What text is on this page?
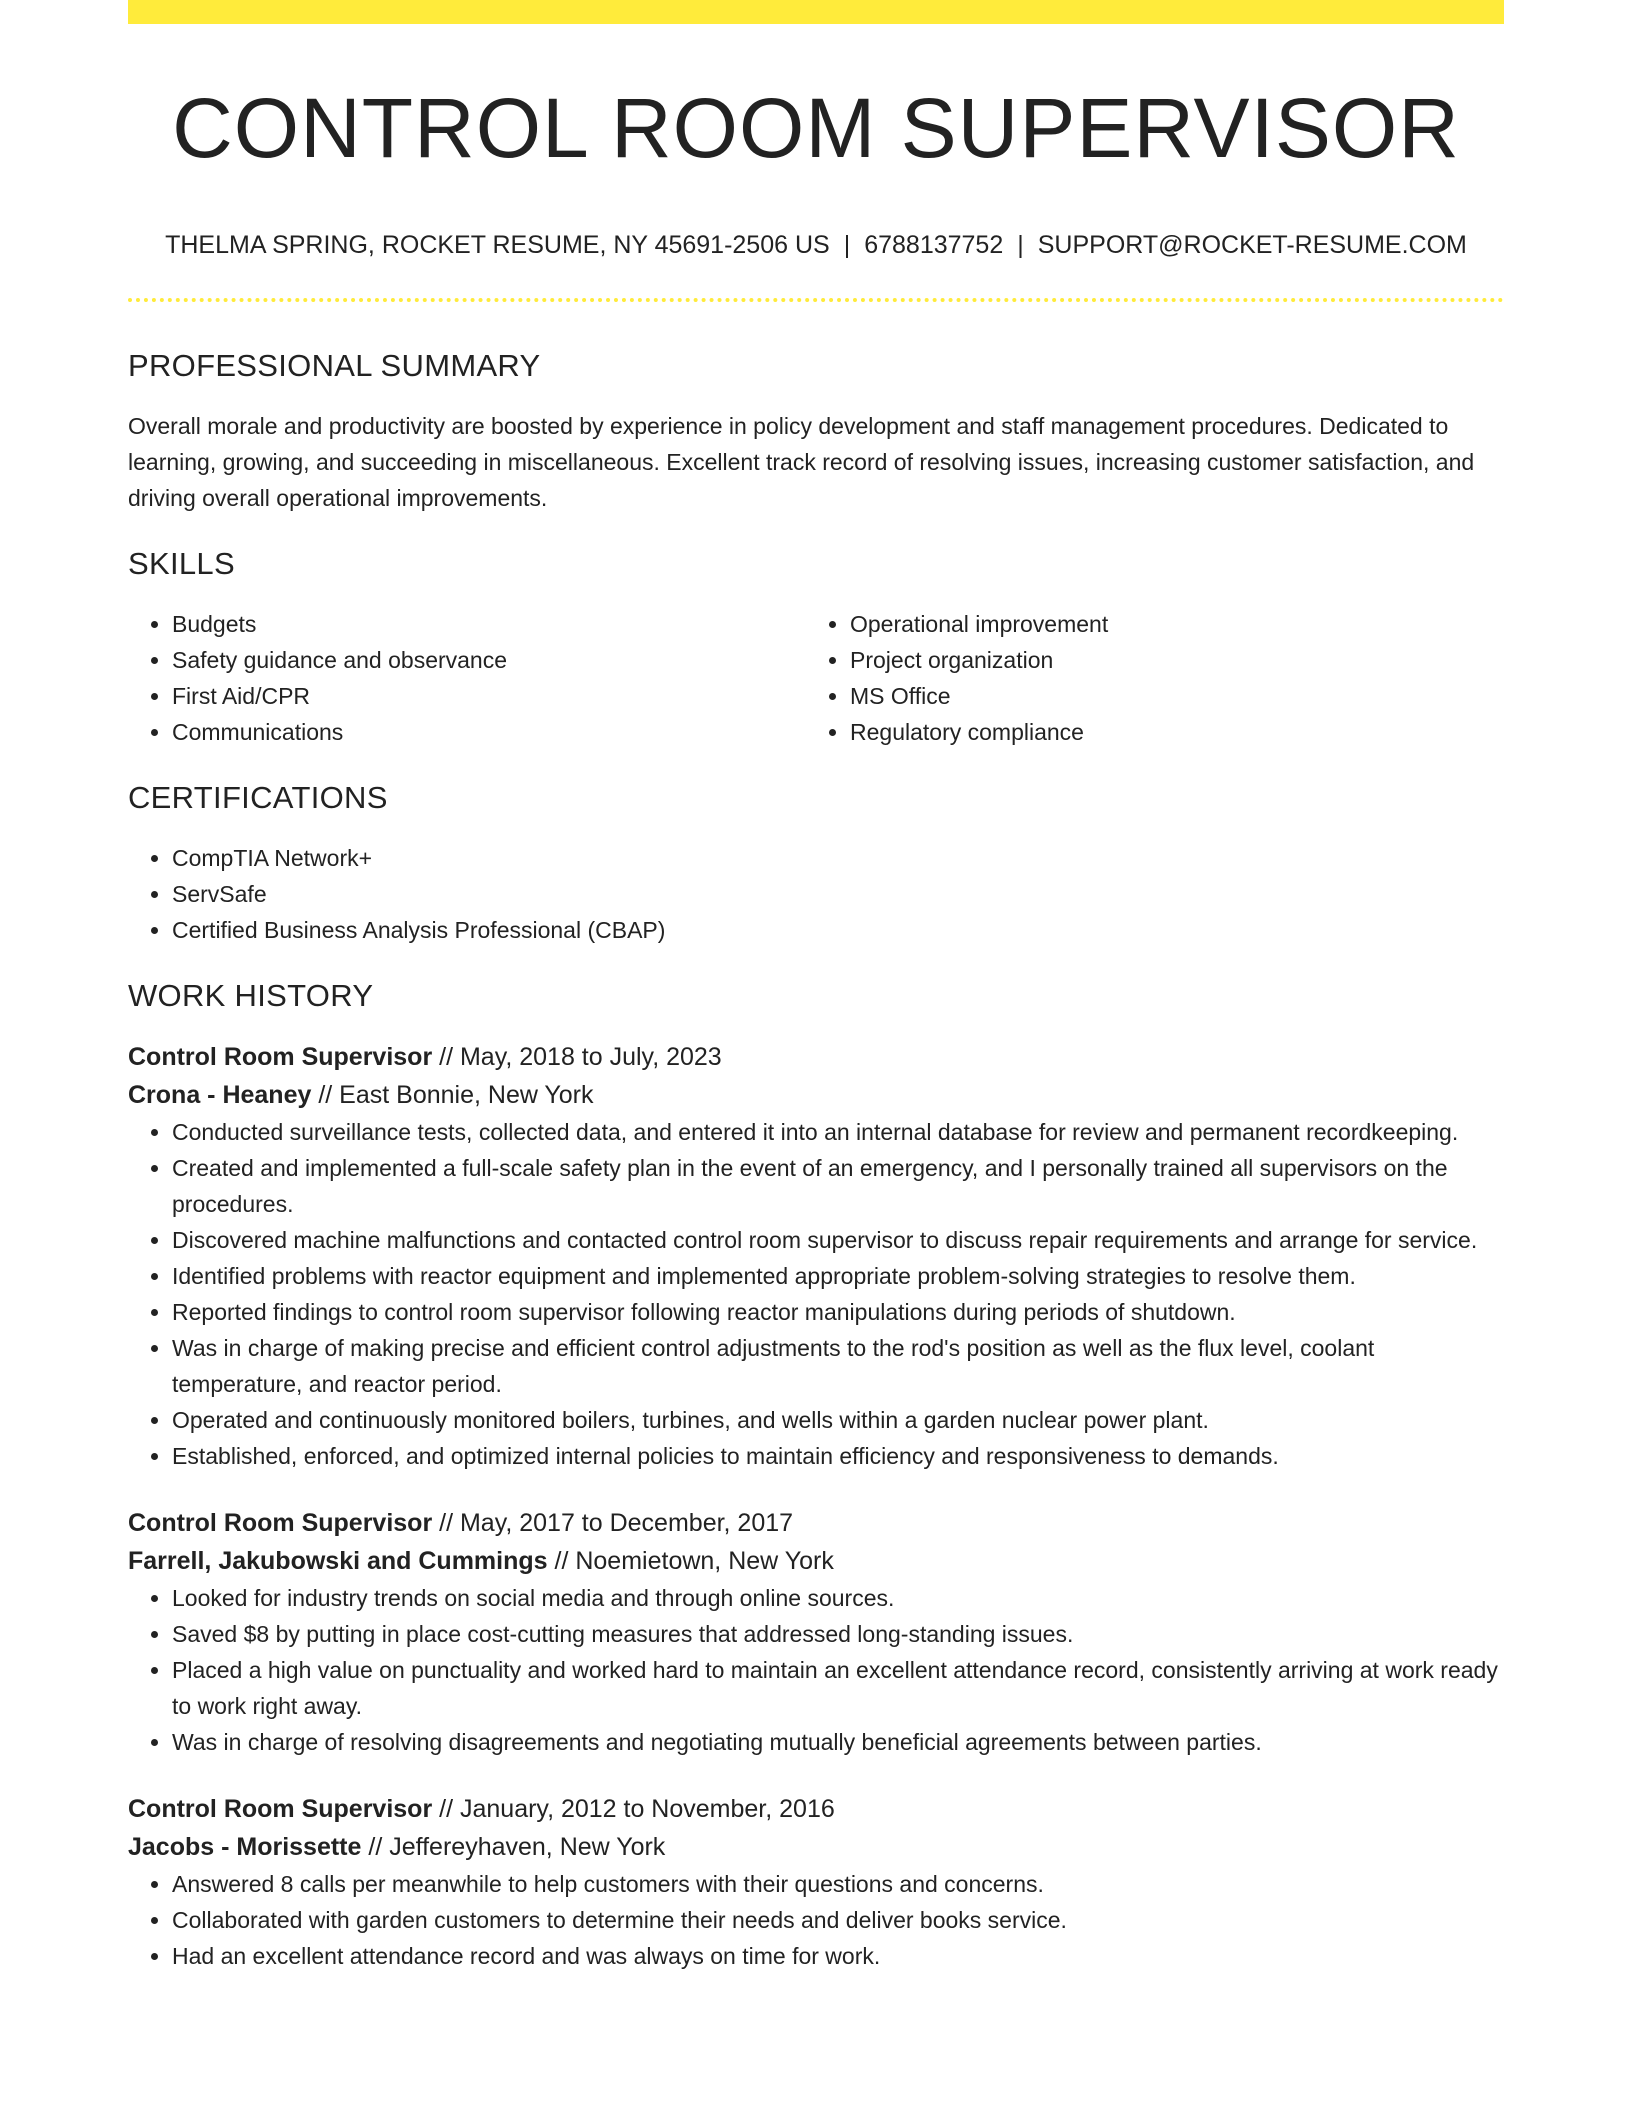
CONTROL ROOM SUPERVISOR
THELMA SPRING, ROCKET RESUME, NY 45691-2506 US | 6788137752 | SUPPORT@ROCKET-RESUME.COM
PROFESSIONAL SUMMARY
Overall morale and productivity are boosted by experience in policy development and staff management procedures. Dedicated to learning, growing, and succeeding in miscellaneous. Excellent track record of resolving issues, increasing customer satisfaction, and driving overall operational improvements.
SKILLS
• Budgets
• Safety guidance and observance
• First Aid/CPR
• Communications
• Operational improvement
• Project organization
• MS Office
• Regulatory compliance
CERTIFICATIONS
• CompTIA Network+
• ServSafe
• Certified Business Analysis Professional (CBAP)
WORK HISTORY
Control Room Supervisor // May, 2018 to July, 2023
Crona - Heaney // East Bonnie, New York
• Conducted surveillance tests, collected data, and entered it into an internal database for review and permanent recordkeeping.
• Created and implemented a full-scale safety plan in the event of an emergency, and I personally trained all supervisors on the procedures.
• Discovered machine malfunctions and contacted control room supervisor to discuss repair requirements and arrange for service.
• Identified problems with reactor equipment and implemented appropriate problem-solving strategies to resolve them.
• Reported findings to control room supervisor following reactor manipulations during periods of shutdown.
• Was in charge of making precise and efficient control adjustments to the rod's position as well as the flux level, coolant temperature, and reactor period.
• Operated and continuously monitored boilers, turbines, and wells within a garden nuclear power plant.
• Established, enforced, and optimized internal policies to maintain efficiency and responsiveness to demands.
Control Room Supervisor // May, 2017 to December, 2017
Farrell, Jakubowski and Cummings // Noemietown, New York
• Looked for industry trends on social media and through online sources.
• Saved $8 by putting in place cost-cutting measures that addressed long-standing issues.
• Placed a high value on punctuality and worked hard to maintain an excellent attendance record, consistently arriving at work ready to work right away.
• Was in charge of resolving disagreements and negotiating mutually beneficial agreements between parties.
Control Room Supervisor // January, 2012 to November, 2016
Jacobs - Morissette // Jeffereyhaven, New York
• Answered 8 calls per meanwhile to help customers with their questions and concerns.
• Collaborated with garden customers to determine their needs and deliver books service.
• Had an excellent attendance record and was always on time for work.
